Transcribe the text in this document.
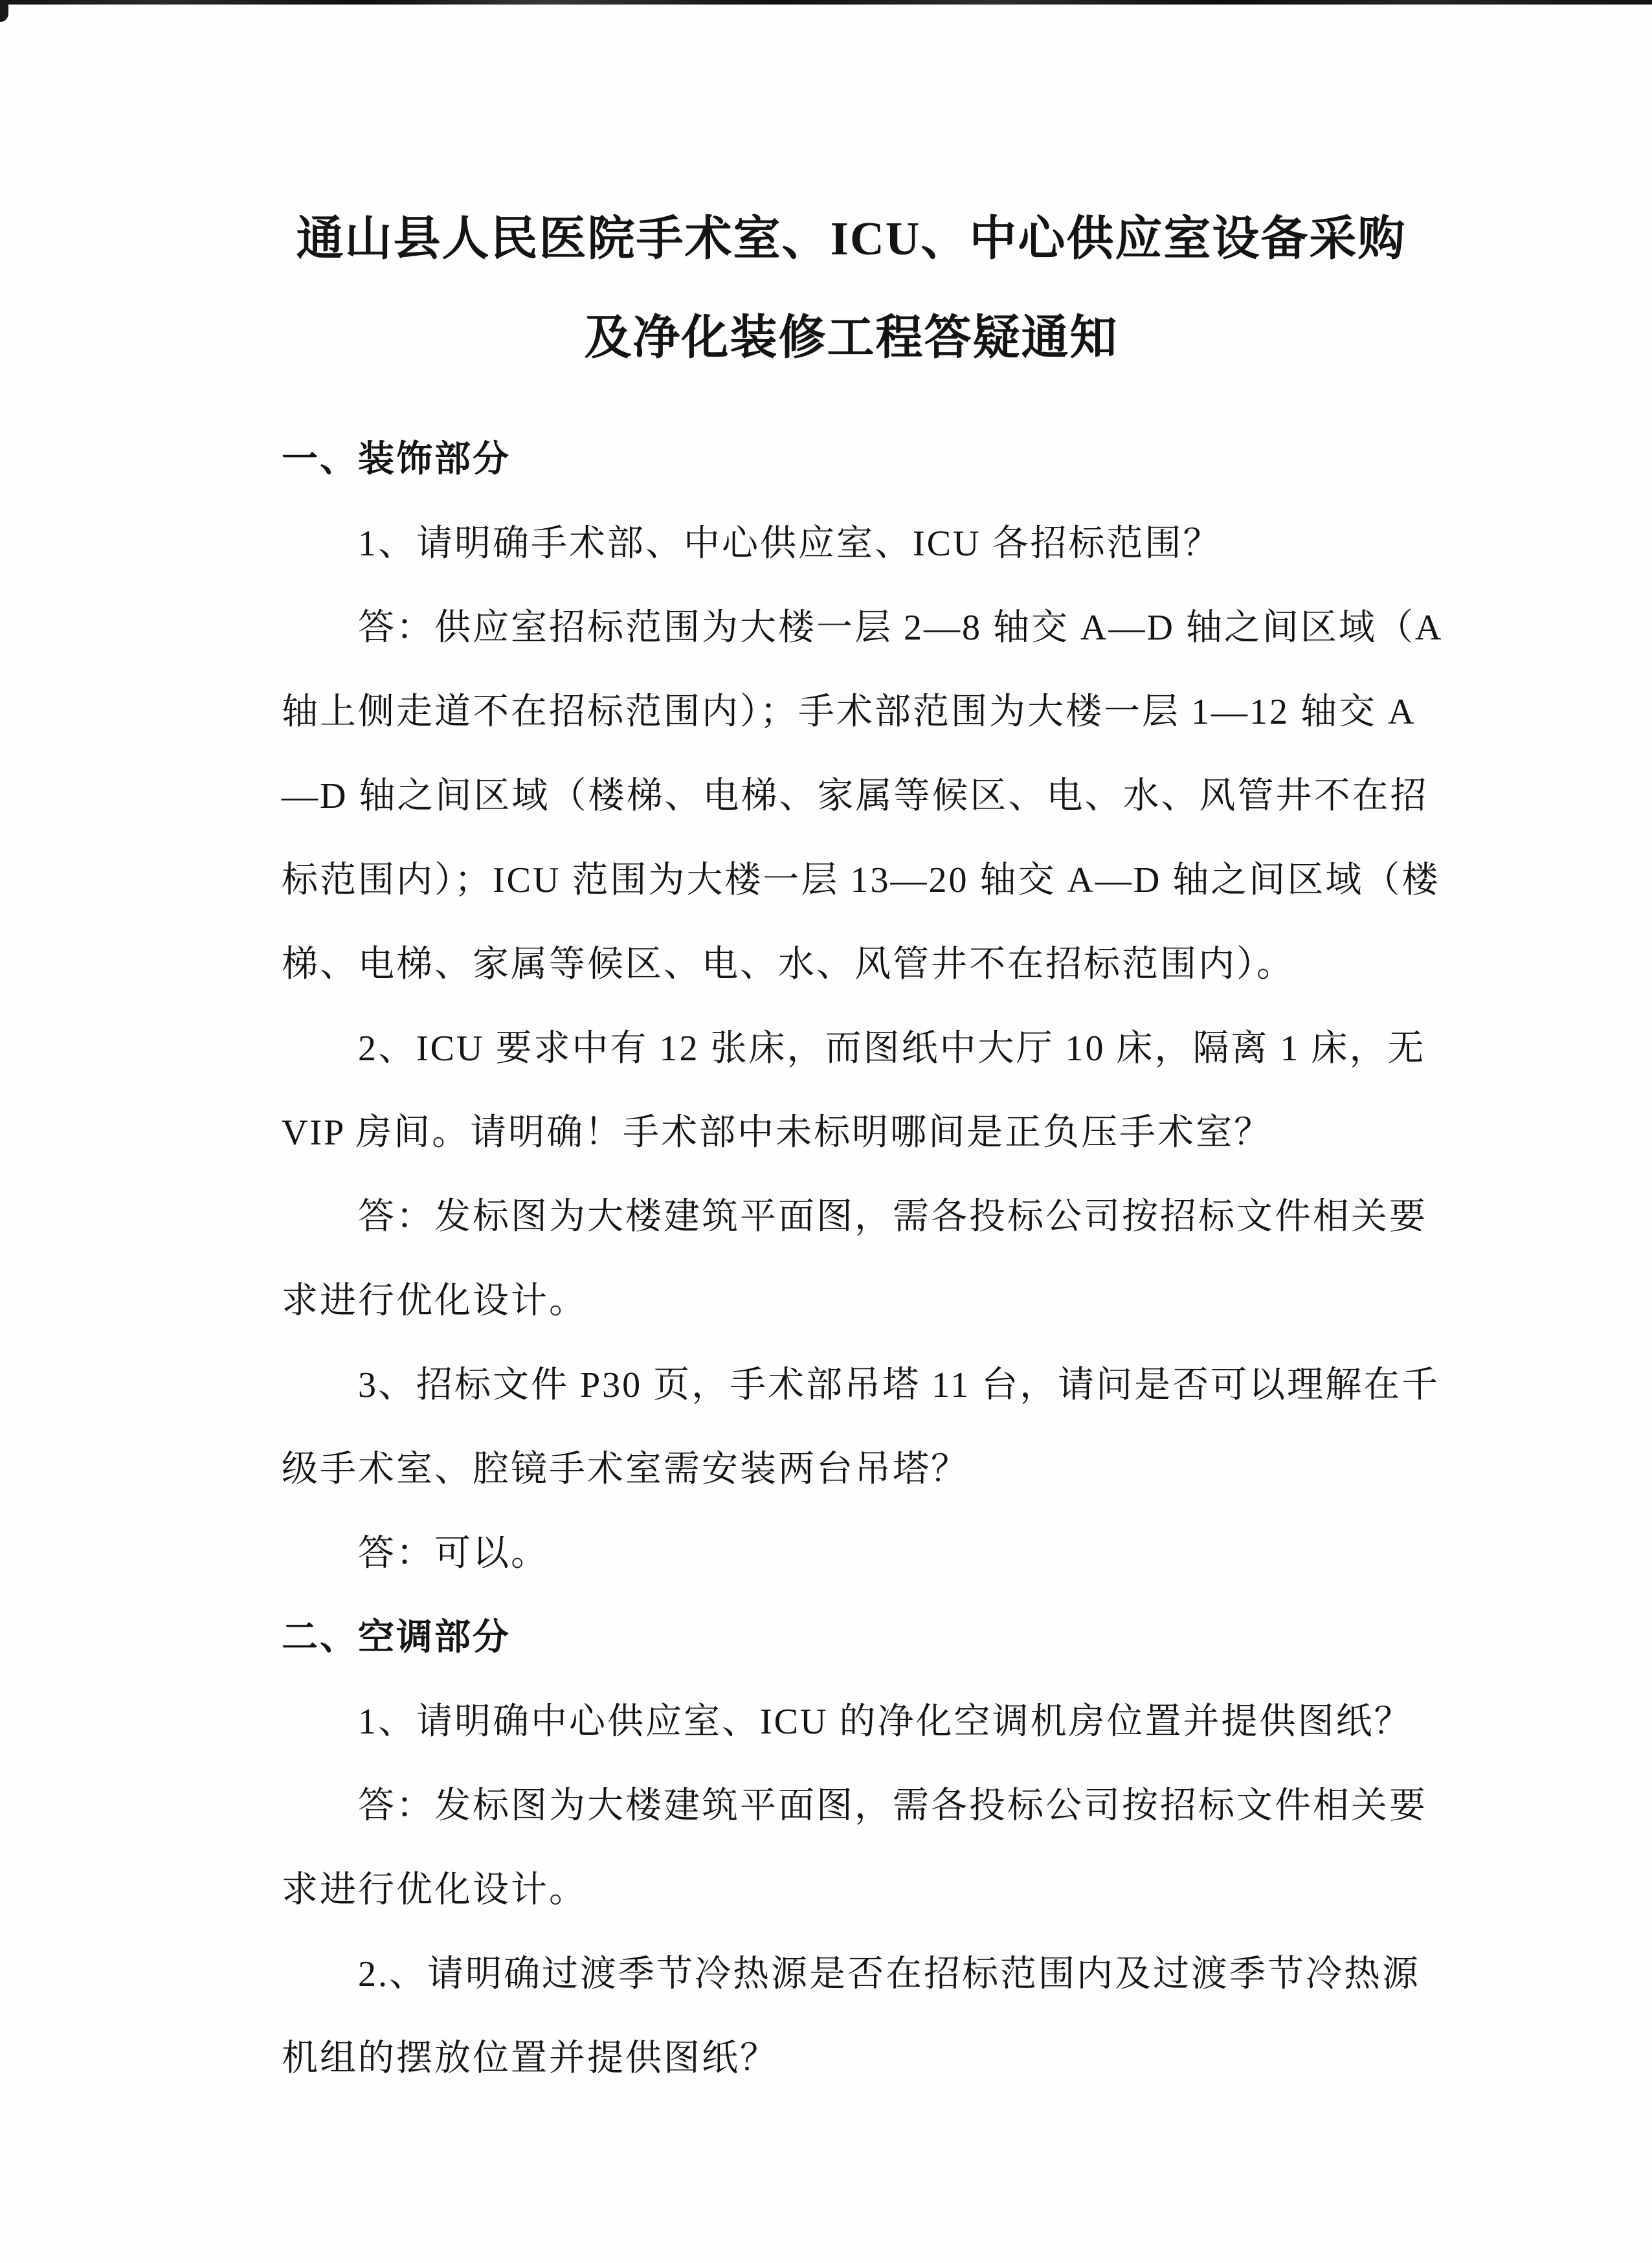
通山县人民医院手术室、ICU、中心供应室设备采购
及净化装修工程答疑通知
一、装饰部分
1、请明确手术部、中心供应室、ICU 各招标范围？
答：供应室招标范围为大楼一层 2—8 轴交 A—D 轴之间区域（A
轴上侧走道不在招标范围内）；手术部范围为大楼一层 1—12 轴交 A
—D 轴之间区域（楼梯、电梯、家属等候区、电、水、风管井不在招
标范围内）；ICU 范围为大楼一层 13—20 轴交 A—D 轴之间区域（楼
梯、电梯、家属等候区、电、水、风管井不在招标范围内）。
2、ICU 要求中有 12 张床，而图纸中大厅 10 床，隔离 1 床，无
VIP 房间。请明确！手术部中未标明哪间是正负压手术室？
答：发标图为大楼建筑平面图，需各投标公司按招标文件相关要
求进行优化设计。
3、招标文件 P30 页，手术部吊塔 11 台，请问是否可以理解在千
级手术室、腔镜手术室需安装两台吊塔？
答：可以。
二、空调部分
1、请明确中心供应室、ICU 的净化空调机房位置并提供图纸？
答：发标图为大楼建筑平面图，需各投标公司按招标文件相关要
求进行优化设计。
2.、请明确过渡季节冷热源是否在招标范围内及过渡季节冷热源
机组的摆放位置并提供图纸？
